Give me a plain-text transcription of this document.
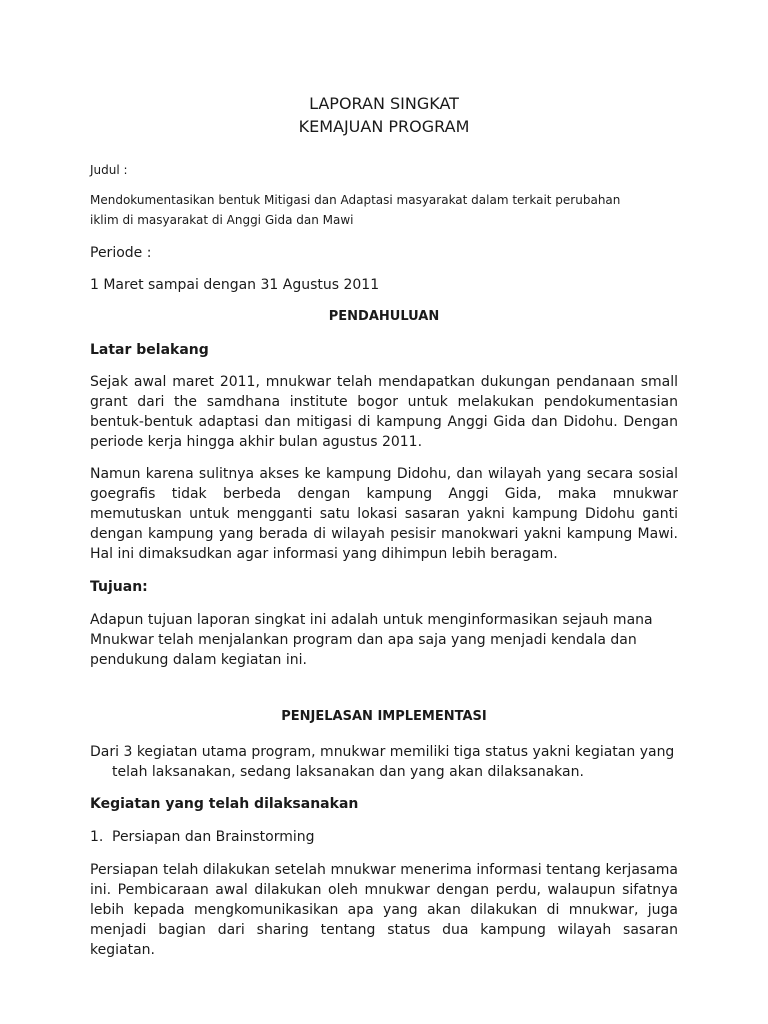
LAPORAN SINGKAT

KEMAJUAN PROGRAM

Judul :

Mendokumentasikan bentuk Mitigasi dan Adaptasi masyarakat dalam terkait perubahan

iklim di masyarakat di Anggi Gida dan Mawi

Periode :

1 Maret sampai dengan 31 Agustus 2011

PENDAHULUAN

Latar belakang

Sejak awal maret 2011, mnukwar telah mendapatkan dukungan pendanaan small grant dari the samdhana institute bogor untuk melakukan pendokumentasian bentuk-bentuk adaptasi dan mitigasi di kampung Anggi Gida dan Didohu. Dengan periode kerja hingga akhir bulan agustus 2011.

Namun karena sulitnya akses ke kampung Didohu, dan wilayah yang secara sosial goegrafis tidak berbeda dengan kampung Anggi Gida, maka mnukwar memutuskan untuk mengganti satu lokasi sasaran yakni kampung Didohu ganti dengan kampung yang berada di wilayah pesisir manokwari yakni kampung Mawi. Hal ini dimaksudkan agar informasi yang dihimpun lebih beragam.

Tujuan:

Adapun tujuan laporan singkat ini adalah untuk menginformasikan sejauh mana

Mnukwar telah menjalankan program dan apa saja yang menjadi kendala dan

pendukung dalam kegiatan ini.

PENJELASAN IMPLEMENTASI

Dari 3 kegiatan utama program, mnukwar memiliki tiga status yakni kegiatan yang

telah laksanakan, sedang laksanakan dan yang akan dilaksanakan.

Kegiatan yang telah dilaksanakan

1. Persiapan dan Brainstorming

Persiapan telah dilakukan setelah mnukwar menerima informasi tentang kerjasama ini. Pembicaraan awal dilakukan oleh mnukwar dengan perdu, walaupun sifatnya lebih kepada mengkomunikasikan apa yang akan dilakukan di mnukwar, juga menjadi bagian dari sharing tentang status dua kampung wilayah sasaran kegiatan.
